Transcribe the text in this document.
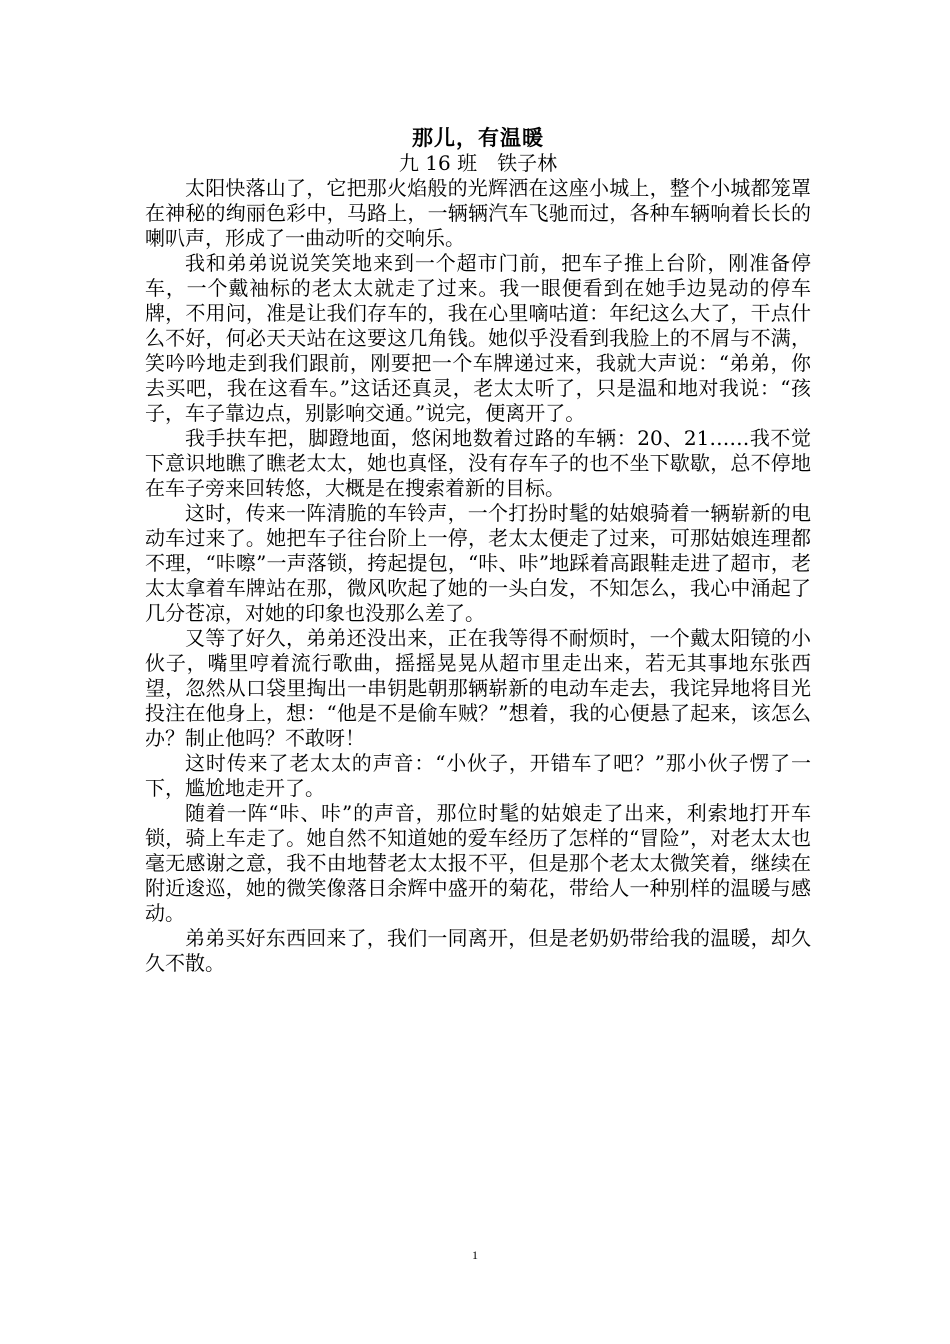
那儿，有温暖

九 16 班　铁子林

太阳快落山了，它把那火焰般的光辉洒在这座小城上，整个小城都笼罩在神秘的绚丽色彩中，马路上，一辆辆汽车飞驰而过，各种车辆响着长长的喇叭声，形成了一曲动听的交响乐。

我和弟弟说说笑笑地来到一个超市门前，把车子推上台阶，刚准备停车，一个戴袖标的老太太就走了过来。我一眼便看到在她手边晃动的停车牌，不用问，准是让我们存车的，我在心里嘀咕道：年纪这么大了，干点什么不好，何必天天站在这要这几角钱。她似乎没看到我脸上的不屑与不满，笑吟吟地走到我们跟前，刚要把一个车牌递过来，我就大声说：“弟弟，你去买吧，我在这看车。”这话还真灵，老太太听了，只是温和地对我说：“孩子，车子靠边点，别影响交通。”说完，便离开了。

我手扶车把，脚蹬地面，悠闲地数着过路的车辆：20、21……我不觉下意识地瞧了瞧老太太，她也真怪，没有存车子的也不坐下歇歇，总不停地在车子旁来回转悠，大概是在搜索着新的目标。

这时，传来一阵清脆的车铃声，一个打扮时髦的姑娘骑着一辆崭新的电动车过来了。她把车子往台阶上一停，老太太便走了过来，可那姑娘连理都不理，“咔嚓”一声落锁，挎起提包，“咔、咔”地踩着高跟鞋走进了超市，老太太拿着车牌站在那，微风吹起了她的一头白发，不知怎么，我心中涌起了几分苍凉，对她的印象也没那么差了。

又等了好久，弟弟还没出来，正在我等得不耐烦时，一个戴太阳镜的小伙子，嘴里哼着流行歌曲，摇摇晃晃从超市里走出来，若无其事地东张西望，忽然从口袋里掏出一串钥匙朝那辆崭新的电动车走去，我诧异地将目光投注在他身上，想：“他是不是偷车贼？”想着，我的心便悬了起来，该怎么办？制止他吗？不敢呀！

这时传来了老太太的声音：“小伙子，开错车了吧？”那小伙子愣了一下，尴尬地走开了。

随着一阵“咔、咔”的声音，那位时髦的姑娘走了出来，利索地打开车锁，骑上车走了。她自然不知道她的爱车经历了怎样的“冒险”，对老太太也毫无感谢之意，我不由地替老太太报不平，但是那个老太太微笑着，继续在附近逡巡，她的微笑像落日余辉中盛开的菊花，带给人一种别样的温暖与感动。

弟弟买好东西回来了，我们一同离开，但是老奶奶带给我的温暖，却久久不散。

1
